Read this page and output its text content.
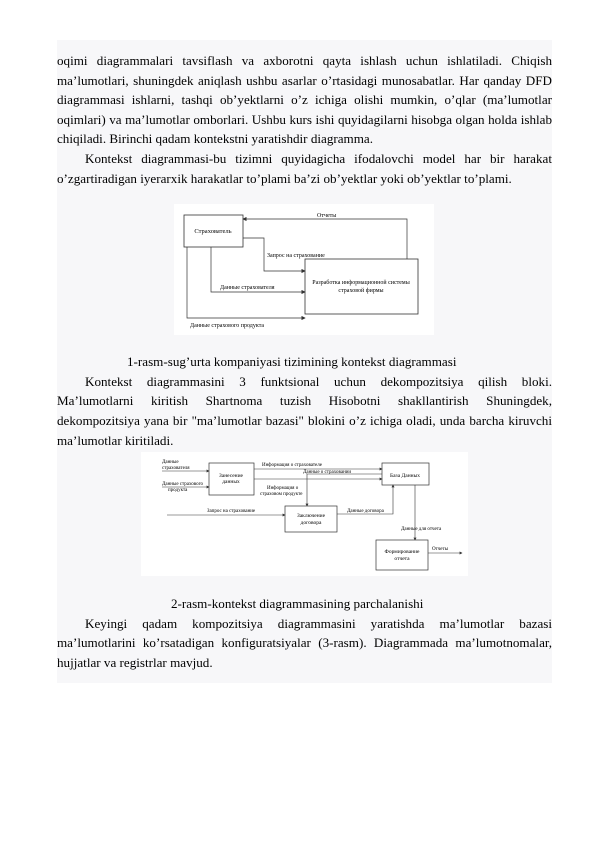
oqimi diagrammalari tavsiflash va axborotni qayta ishlash uchun ishlatiladi. Chiqish ma’lumotlari, shuningdek aniqlash ushbu asarlar o’rtasidagi munosabatlar. Har qanday DFD diagrammasi ishlarni, tashqi ob’yektlarni o’z ichiga olishi mumkin, o’qlar (ma’lumotlar oqimlari) va ma’lumotlar omborlari. Ushbu kurs ishi quyidagilarni hisobga olgan holda ishlab chiqiladi. Birinchi qadam kontekstni yaratishdir diagramma.

Kontekst diagrammasi-bu tizimni quyidagicha ifodalovchi model har bir harakat o’zgartiradigan iyerarxik harakatlar to’plami ba’zi ob’yektlar yoki ob’yektlar to’plami.

Страхователь
Разработка информационной системы
страховой фирмы
Отчеты
Запрос на страхование
Данные страхователя
Данные страхового продукта

1-rasm-sug’urta kompaniyasi tizimining kontekst diagrammasi

Kontekst diagrammasini 3 funktsional uchun dekompozitsiya qilish bloki. Ma’lumotlarni kiritish Shartnoma tuzish Hisobotni shakllantirish Shuningdek, dekompozitsiya yana bir "ma’lumotlar bazasi" blokini o’z ichiga oladi, unda barcha kiruvchi ma’lumotlar kiritiladi.

Данные
страхователя
Данные страхового
продукта
Занесение
данных
База Данных
Информация о страхователе
Информация о
страховом продукте
Данные о страховании
Заключение
договора
Запрос на страхование	Данные договора
Данные для отчета
Формирование
отчета
Отчеты

2-rasm-kontekst diagrammasining parchalanishi

Keyingi qadam kompozitsiya diagrammasini yaratishda ma’lumotlar bazasi ma’lumotlarini ko’rsatadigan konfiguratsiyalar (3-rasm). Diagrammada ma’lumotnomalar, hujjatlar va registrlar mavjud.
